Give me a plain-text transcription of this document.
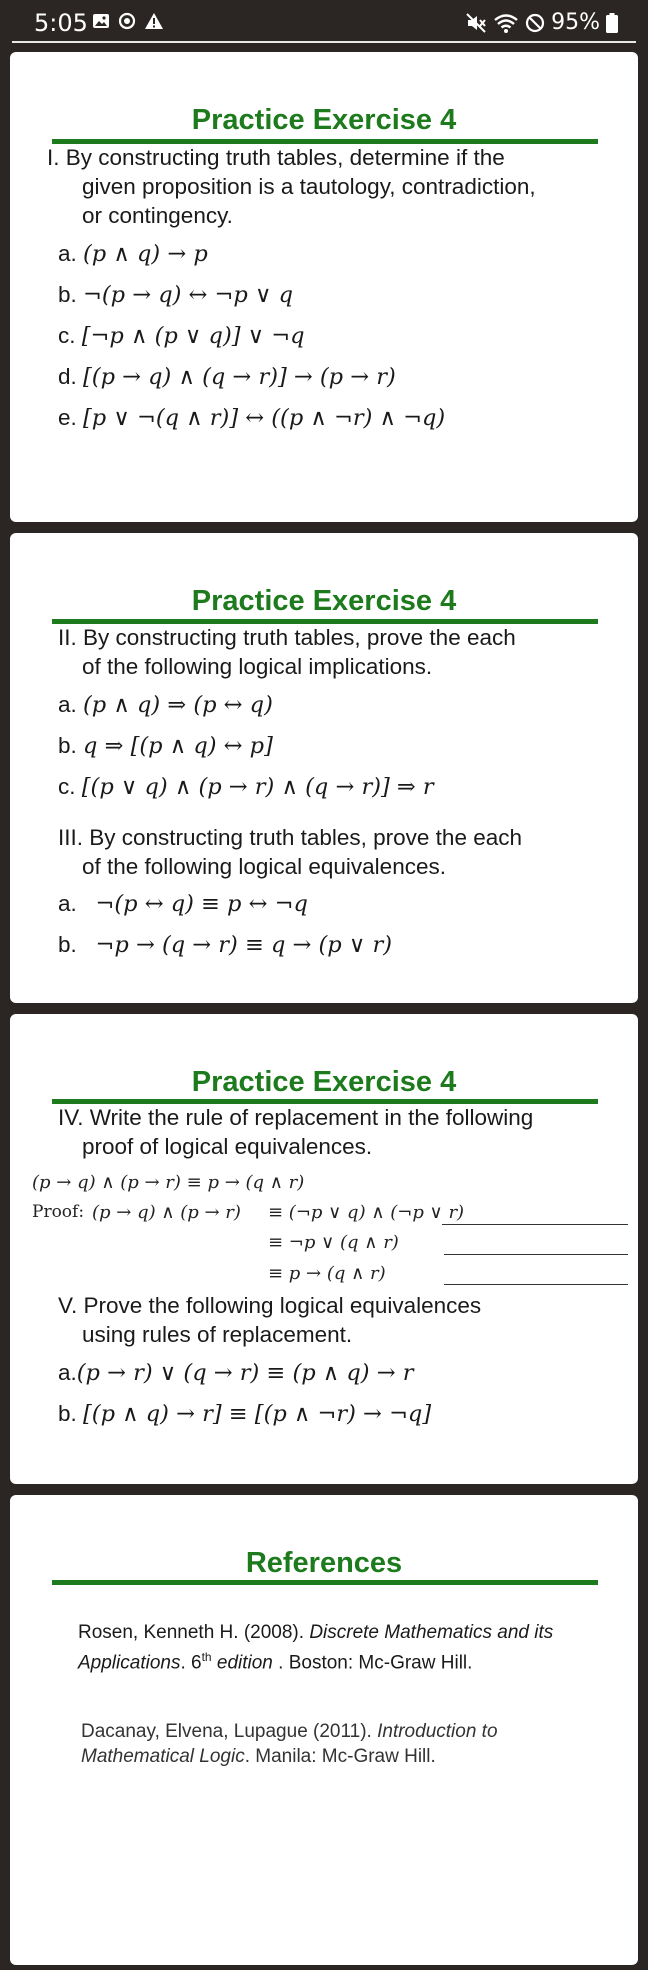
5:05	95%
Practice Exercise 4
I. By constructing truth tables, determine if the
given proposition is a tautology, contradiction,
or contingency.
a. (p ∧ q) → p
b. ¬(p → q) ↔ ¬p ∨ q
c. [¬p ∧ (p ∨ q)] ∨ ¬q
d. [(p → q) ∧ (q → r)] → (p → r)
e. [p ∨ ¬(q ∧ r)] ↔ ((p ∧ ¬r) ∧ ¬q)
Practice Exercise 4
II. By constructing truth tables, prove the each
of the following logical implications.
a. (p ∧ q) ⇒ (p ↔ q)
b. q ⇒ [(p ∧ q) ↔ p]
c. [(p ∨ q) ∧ (p → r) ∧ (q → r)] ⇒ r
III. By constructing truth tables, prove the each
of the following logical equivalences.
a. ¬(p ↔ q) ≡ p ↔ ¬q
b. ¬p → (q → r) ≡ q → (p ∨ r)
Practice Exercise 4
IV. Write the rule of replacement in the following
proof of logical equivalences.
(p → q) ∧ (p → r) ≡ p → (q ∧ r)
Proof: (p → q) ∧ (p → r) ≡ (¬p ∨ q) ∧ (¬p ∨ r)
≡ ¬p ∨ (q ∧ r)
≡ p → (q ∧ r)
V. Prove the following logical equivalences
using rules of replacement.
a.(p → r) ∨ (q → r) ≡ (p ∧ q) → r
b. [(p ∧ q) → r] ≡ [(p ∧ ¬r) → ¬q]
References
Rosen, Kenneth H. (2008). Discrete Mathematics and its Applications. 6th edition . Boston: Mc-Graw Hill.
Dacanay, Elvena, Lupague (2011). Introduction to Mathematical Logic. Manila: Mc-Graw Hill.
